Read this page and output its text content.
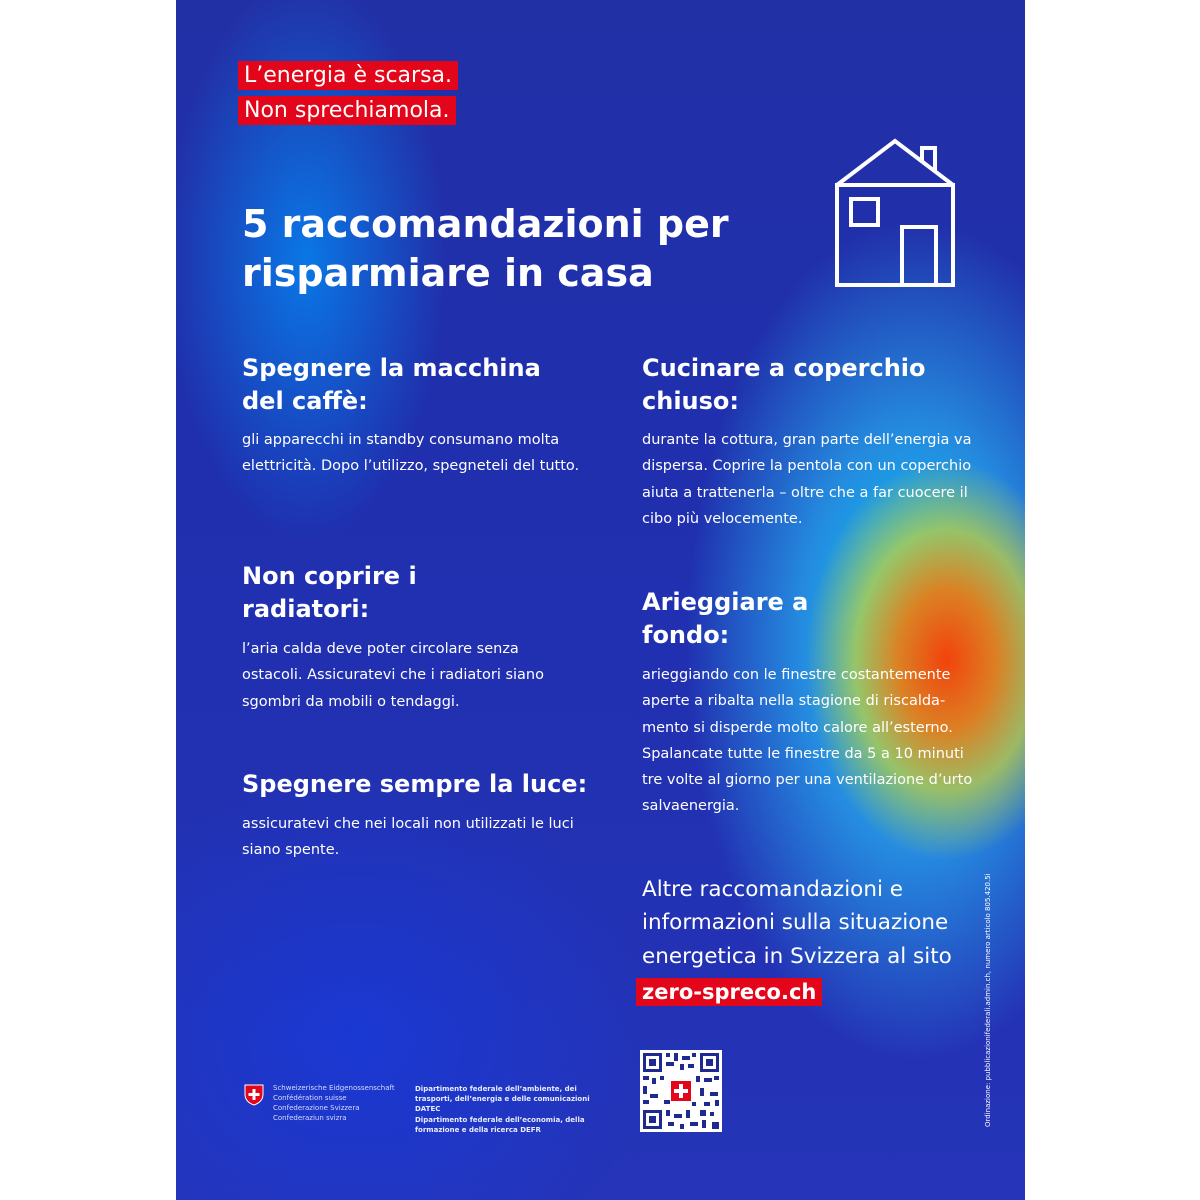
L’energia è scarsa.
Non sprechiamola.
5 raccomandazioni per risparmiare in casa
Spegnere la macchina del caffè:

gli apparecchi in standby consumano molta elettricità. Dopo l’utilizzo, spegneteli del tutto.

Non coprire i radiatori:

l’aria calda deve poter circolare senza ostacoli. Assicuratevi che i radiatori siano sgombri da mobili o tendaggi.

Spegnere sempre la luce:

assicuratevi che nei locali non utilizzati le luci siano spente.

Cucinare a coperchio chiuso:

durante la cottura, gran parte dell’energia va dispersa. Coprire la pentola con un coperchio aiuta a trattenerla – oltre che a far cuocere il cibo più velocemente.

Arieggiare a fondo:

arieggiando con le finestre costantemente aperte a ribalta nella stagione di riscaldamento si disperde molto calore all’esterno. Spalancate tutte le finestre da 5 a 10 minuti tre volte al giorno per una ventilazione d’urto salvaenergia.

Altre raccomandazioni e informazioni sulla situazione energetica in Svizzera al sito

zero-spreco.ch

Schweizerische Eidgenossenschaft
Confédération suisse
Confederazione Svizzera
Confederaziun svizra

Dipartimento federale dell’ambiente, dei trasporti, dell’energia e delle comunicazioni DATEC

Dipartimento federale dell’economia, della formazione e della ricerca DEFR

Ordinazione: pubblicazionifederali.admin.ch, numero articolo 805.420.5i
